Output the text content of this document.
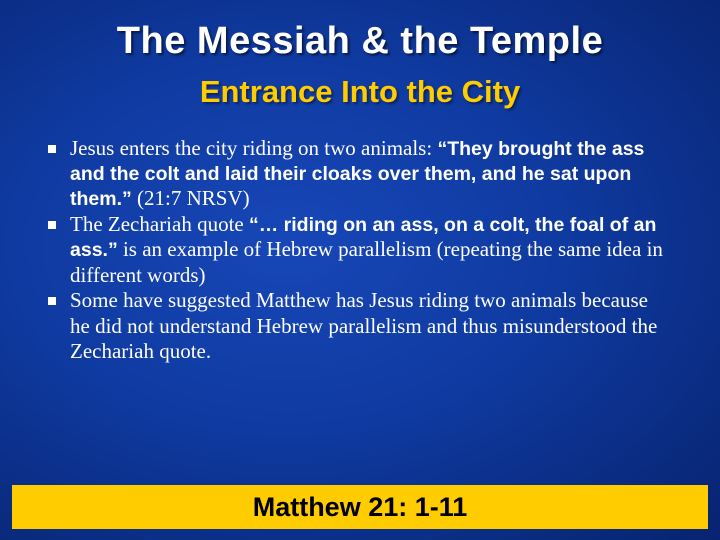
The Messiah & the Temple
Entrance Into the City
Jesus enters the city riding on two animals: “They brought the ass and the colt and laid their cloaks over them, and he sat upon them.” (21:7 NRSV)
The Zechariah quote “… riding on an ass, on a colt, the foal of an ass.” is an example of Hebrew parallelism (repeating the same idea in different words)
Some have suggested Matthew has Jesus riding two animals because he did not understand Hebrew parallelism and thus misunderstood the Zechariah quote.
Matthew 21: 1-11
